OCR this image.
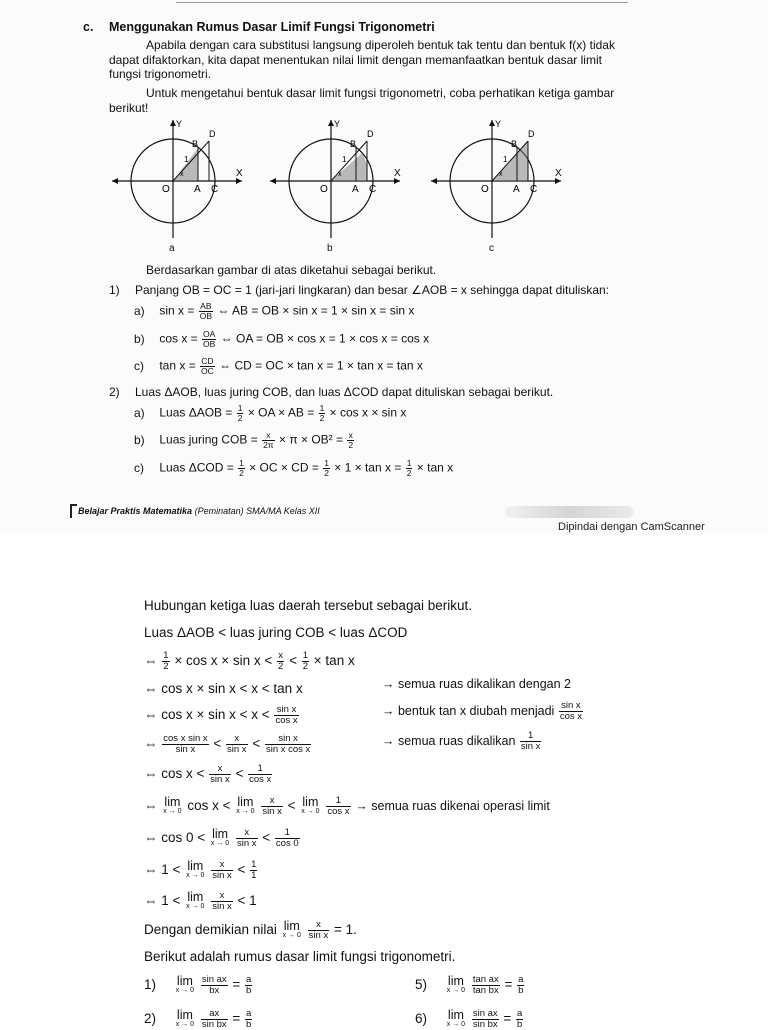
c. Menggunakan Rumus Dasar Limif Fungsi Trigonometri
Apabila dengan cara substitusi langsung diperoleh bentuk tak tentu dan bentuk f(x) tidak
dapat difaktorkan, kita dapat menentukan nilai limit dengan memanfaatkan bentuk dasar limit
fungsi trigonometri.
Untuk mengetahui bentuk dasar limit fungsi trigonometri, coba perhatikan ketiga gambar
berikut!
Y
X
O A C
B
D
1
x
a
Y
X
O A C
B
D
1
x
b
Y
X
O A C
B
D
1
x
c
Berdasarkan gambar di atas diketahui sebagai berikut.
1) Panjang OB = OC = 1 (jari-jari lingkaran) dan besar ∠AOB = x sehingga dapat dituliskan:
a) $\sin x = \frac{AB}{OB}$ ⇔ AB = OB × sin x = 1 × sin x = sin x
b) $\cos x = \frac{OA}{OB}$ ⇔ OA = OB × cos x = 1 × cos x = cos x
c) $\tan x = \frac{CD}{OC}$ ⇔ CD = OC × tan x = 1 × tan x = tan x
2) Luas ΔAOB, luas juring COB, dan luas ΔCOD dapat dituliskan sebagai berikut.
a) Luas $\Delta AOB = \frac{1}{2}$ × OA × AB = $\frac{1}{2} \times \cos x \times \sin x$
b) Luas juring COB = $\frac{x}{2\pi} \times \pi \times OB^2 = \frac{x}{2}$
c) Luas $\Delta COD = \frac{1}{2}$ × OC × CD = $\frac{1}{2} \times 1 \times \tan x = \frac{1}{2} \times \tan x$
Belajar Praktis Matematika (Peminatan) SMA/MA Kelas XII
Dipindai dengan CamScanner
Hubungan ketiga luas daerah tersebut sebagai berikut.
Luas ΔAOB < luas juring COB < luas ΔCOD
⇔ $\frac{1}{2} \times \cos x \times \sin x < \frac{x}{2} < \frac{1}{2} \times \tan x$
⇔ cos x × sin x < x < tan x	→ semua ruas dikalikan dengan 2
⇔ $\cos x \times \sin x < x < \frac{\text{sin x}}{\text{cos x}}$	→ bentuk tan x diubah menjadi $\frac{\text{sin x}}{\text{cos x}}$
⇔ $\frac{\text{cos x sin x}}{\text{sin x}} < \frac{x}{\text{sin x}} < \frac{\text{sin x}}{\text{sin x cos x}}$	→ semua ruas dikalikan $\frac{1}{\text{sin x}}$
⇔ $\cos x < \frac{x}{\text{sin x}} < \frac{1}{\text{cos x}}$
⇔ lim
x → 0 cos x < lim
x → 0
$\frac{x}{\text{sin x}} < \lim$
x → 0
$\frac{1}{\text{cos x}}$ → semua ruas dikenai operasi limit
⇔ cos 0 < lim
x → 0
$\frac{x}{\text{sin x}} < \frac{1}{\cos 0}$
⇔ 1 < lim
x → 0
$\frac{x}{\text{sin x}} < \frac{1}{1}$
⇔ 1 < lim
x → 0
$\frac{x}{\text{sin x}} < 1$
Dengan demikian nilai lim
x → 0
$\frac{x}{\text{sin x}} = 1$.
Berikut adalah rumus dasar limit fungsi trigonometri.
1) lim
x → 0
$\frac{\text{sin ax}}{bx} = \frac{a}{b}$	5) lim
x → 0
$\frac{\text{tan ax}}{\text{tan bx}} = \frac{a}{b}$
2) lim
x → 0
$\frac{ax}{\text{sin bx}} = \frac{a}{b}$	6) lim
x → 0
$\frac{\text{sin ax}}{\text{sin bx}} = \frac{a}{b}$
